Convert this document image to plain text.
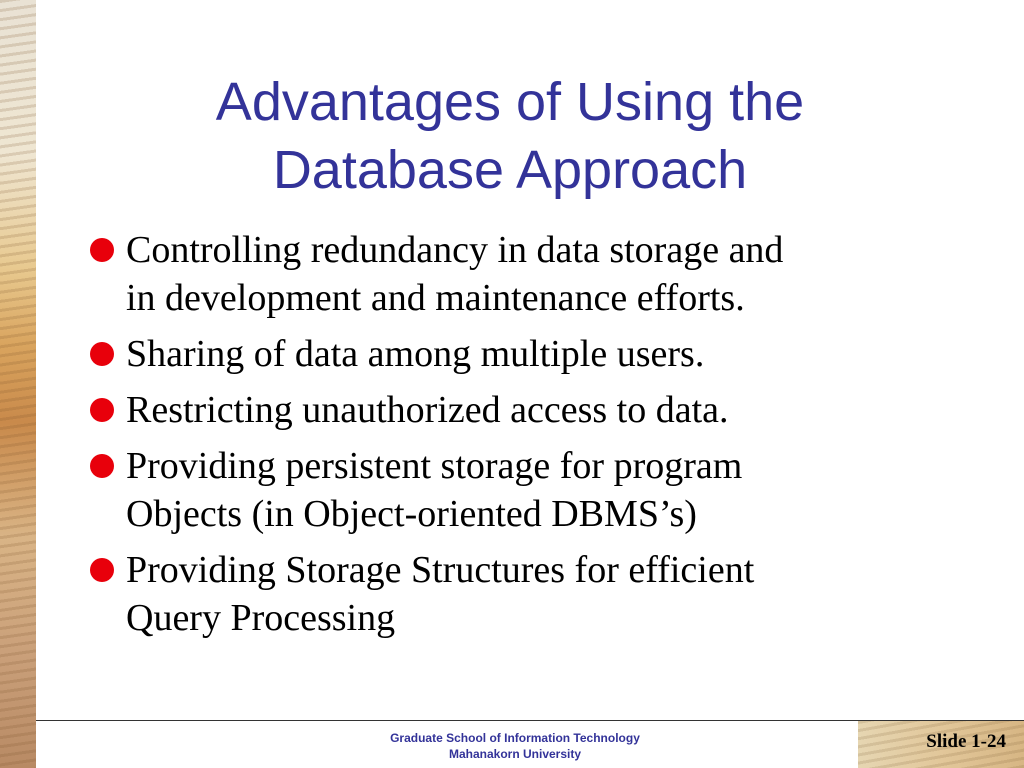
Advantages of Using the
Database Approach
Controlling redundancy in data storage and
in development and maintenance efforts.
Sharing of data among multiple users.
Restricting unauthorized access to data.
Providing persistent storage for program
Objects (in Object-oriented DBMS’s)
Providing Storage Structures for efficient
Query Processing
Graduate School of Information Technology
Mahanakorn University
Slide 1-24
